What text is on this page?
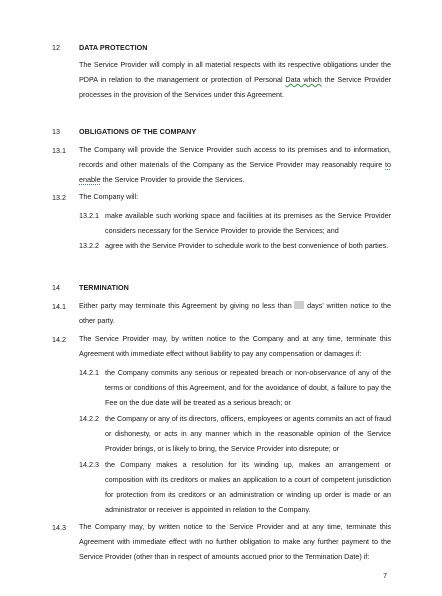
12	DATA PROTECTION
The Service Provider will comply in all material respects with its respective obligations under the PDPA in relation to the management or protection of Personal Data which the Service Provider processes in the provision of the Services under this Agreement.
13	OBLIGATIONS OF THE COMPANY
13.1 The Company will provide the Service Provider such access to its premises and to information, records and other materials of the Company as the Service Provider may reasonably require to enable the Service Provider to provide the Services.
13.2 The Company will:
13.2.1 make available such working space and facilities at its premises as the Service Provider considers necessary for the Service Provider to provide the Services; and
13.2.2 agree with the Service Provider to schedule work to the best convenience of both parties.
14	TERMINATION
14.1 Either party may terminate this Agreement by giving no less than  days' written notice to the other party.
14.2 The Service Provider may, by written notice to the Company and at any time, terminate this Agreement with immediate effect without liability to pay any compensation or damages if:
14.2.1 the Company commits any serious or repeated breach or non-observance of any of the terms or conditions of this Agreement, and for the avoidance of doubt, a failure to pay the Fee on the due date will be treated as a serious breach; or
14.2.2 the Company or any of its directors, officers, employees or agents commits an act of fraud or dishonesty, or acts in any manner which in the reasonable opinion of the Service Provider brings, or is likely to bring, the Service Provider into disrepute; or
14.2.3 the Company makes a resolution for its winding up, makes an arrangement or composition with its creditors or makes an application to a court of competent jurisdiction for protection from its creditors or an administration or winding up order is made or an administrator or receiver is appointed in relation to the Company.
14.3 The Company may, by written notice to the Service Provider and at any time, terminate this Agreement with immediate effect with no further obligation to make any further payment to the Service Provider (other than in respect of amounts accrued prior to the Termination Date) if:
7
